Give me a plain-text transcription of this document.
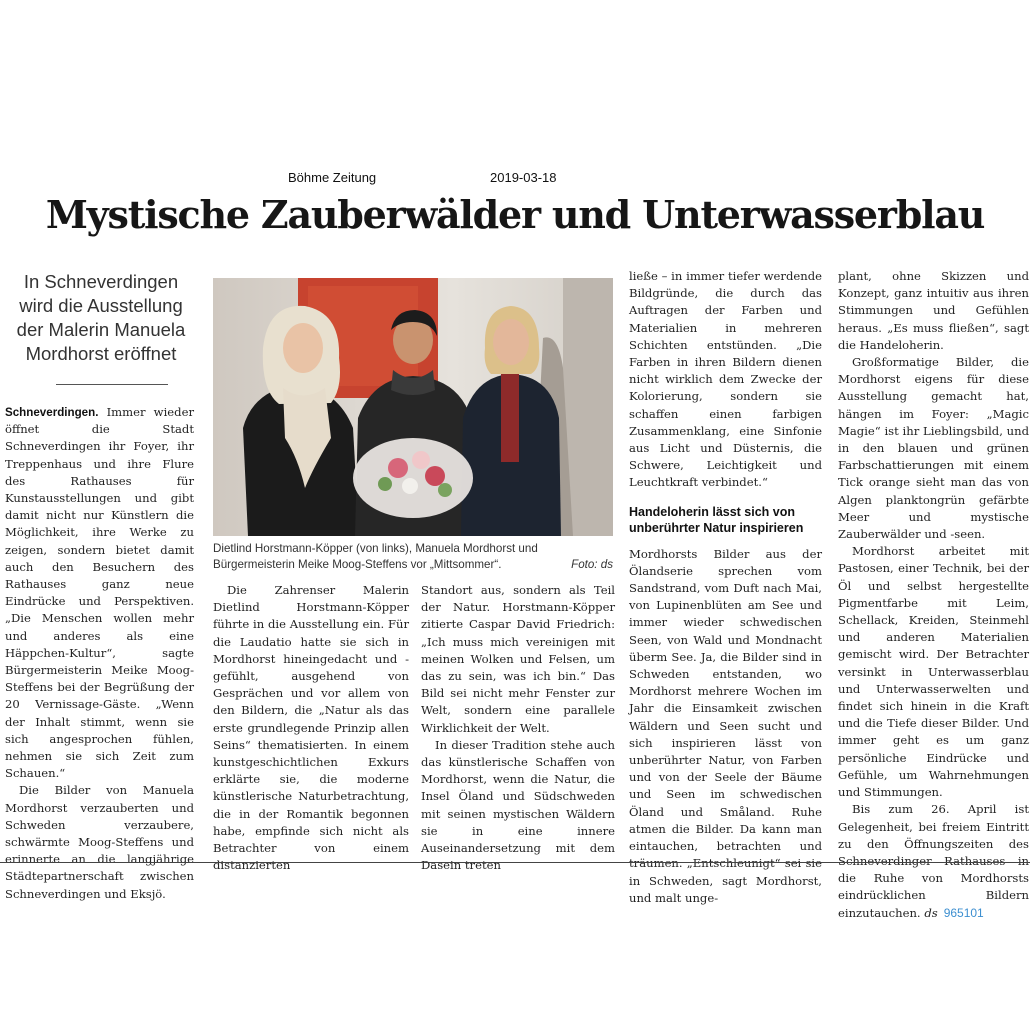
Böhme Zeitung	2019-03-18
Mystische Zauberwälder und Unterwasserblau
In Schneverdingen wird die Ausstellung der Malerin Manuela Mordhorst eröffnet

Schneverdingen. Immer wieder öffnet die Stadt Schneverdingen ihr Foyer, ihr Treppenhaus und ihre Flure des Rathauses für Kunstausstellungen und gibt damit nicht nur Künstlern die Möglichkeit, ihre Werke zu zeigen, sondern bietet damit auch den Besuchern des Rathauses ganz neue Eindrücke und Perspektiven. „Die Menschen wollen mehr und anderes als eine Häppchen-Kultur“, sagte Bürgermeisterin Meike Moog-Steffens bei der Begrüßung der 20 Vernissage-Gäste. „Wenn der Inhalt stimmt, wenn sie sich angesprochen fühlen, nehmen sie sich Zeit zum Schauen.“

Die Bilder von Manuela Mordhorst verzauberten und Schweden verzaubere, schwärmte Moog-Steffens und erinnerte an die langjährige Städtepartnerschaft zwischen Schneverdingen und Eksjö.

Dietlind Horstmann-Köpper (von links), Manuela Mordhorst und Bürgermeisterin Meike Moog-Steffens vor „Mittsommer“.	Foto: ds

Die Zahrenser Malerin Dietlind Horstmann-Köpper führte in die Ausstellung ein. Für die Laudatio hatte sie sich in Mordhorst hineingedacht und -gefühlt, ausgehend von Gesprächen und vor allem von den Bildern, die „Natur als das erste grundlegende Prinzip allen Seins“ thematisierten. In einem kunstgeschichtlichen Exkurs erklärte sie, die moderne künstlerische Naturbetrachtung, die in der Romantik begonnen habe, empfinde sich nicht als Betrachter von einem distanzierten

Standort aus, sondern als Teil der Natur. Horstmann-Köpper zitierte Caspar David Friedrich: „Ich muss mich vereinigen mit meinen Wolken und Felsen, um das zu sein, was ich bin.“ Das Bild sei nicht mehr Fenster zur Welt, sondern eine parallele Wirklichkeit der Welt.

In dieser Tradition stehe auch das künstlerische Schaffen von Mordhorst, wenn die Natur, die Insel Öland und Südschweden mit seinen mystischen Wäldern sie in eine innere Auseinandersetzung mit dem Dasein treten

ließe – in immer tiefer werdende Bildgründe, die durch das Auftragen der Farben und Materialien in mehreren Schichten entstünden. „Die Farben in ihren Bildern dienen nicht wirklich dem Zwecke der Kolorierung, sondern sie schaffen einen farbigen Zusammenklang, eine Sinfonie aus Licht und Düsternis, die Schwere, Leichtigkeit und Leuchtkraft verbindet.“

Handeloherin lässt sich von unberührter Natur inspirieren

Mordhorsts Bilder aus der Ölandserie sprechen vom Sandstrand, vom Duft nach Mai, von Lupinenblüten am See und immer wieder schwedischen Seen, von Wald und Mondnacht überm See. Ja, die Bilder sind in Schweden entstanden, wo Mordhorst mehrere Wochen im Jahr die Einsamkeit zwischen Wäldern und Seen sucht und sich inspirieren lässt von unberührter Natur, von Farben und von der Seele der Bäume und Seen im schwedischen Öland und Småland. Ruhe atmen die Bilder. Da kann man eintauchen, betrachten und träumen. „Entschleunigt“ sei sie in Schweden, sagt Mordhorst, und malt unge-

plant, ohne Skizzen und Konzept, ganz intuitiv aus ihren Stimmungen und Gefühlen heraus. „Es muss fließen“, sagt die Handeloherin.

Großformatige Bilder, die Mordhorst eigens für diese Ausstellung gemacht hat, hängen im Foyer: „Magic Magie“ ist ihr Lieblingsbild, und in den blauen und grünen Farbschattierungen mit einem Tick orange sieht man das von Algen planktongrün gefärbte Meer und mystische Zauberwälder und -seen.

Mordhorst arbeitet mit Pastosen, einer Technik, bei der Öl und selbst hergestellte Pigmentfarbe mit Leim, Schellack, Kreiden, Steinmehl und anderen Materialien gemischt wird. Der Betrachter versinkt in Unterwasserblau und Unterwasserwelten und findet sich hinein in die Kraft und die Tiefe dieser Bilder. Und immer geht es um ganz persönliche Eindrücke und Gefühle, um Wahrnehmungen und Stimmungen.

Bis zum 26. April ist Gelegenheit, bei freiem Eintritt zu den Öffnungszeiten des Schneverdinger Rathauses in die Ruhe von Mordhorsts eindrücklichen Bildern einzutauchen. ds 965101
